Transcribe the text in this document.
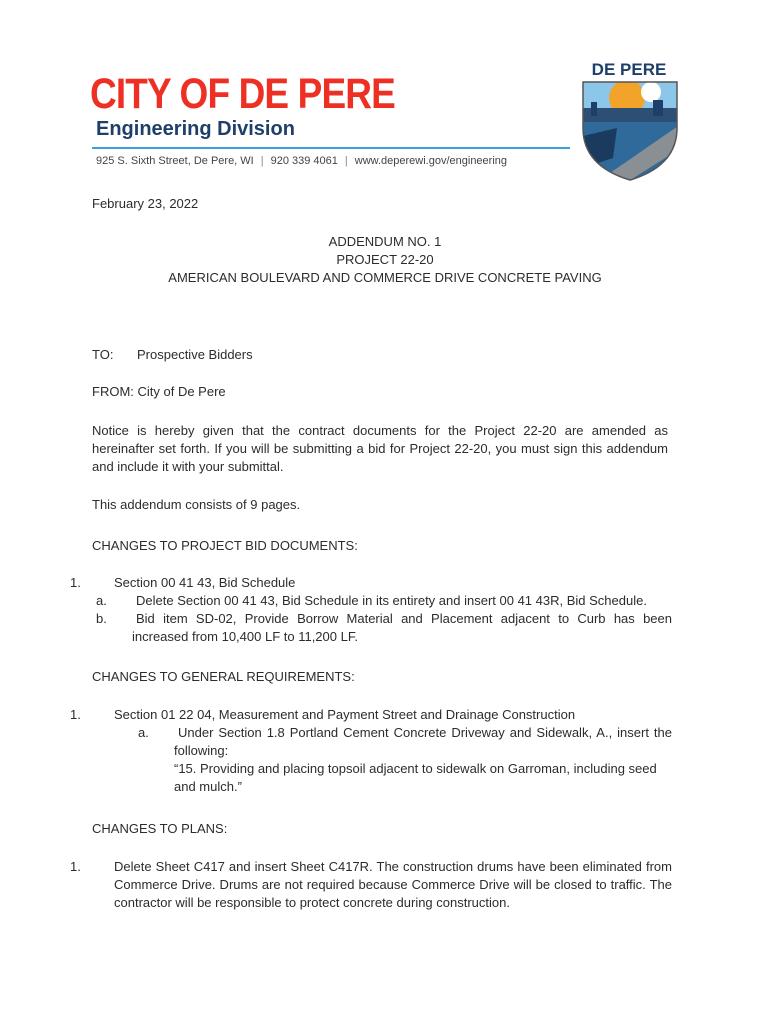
CITY OF DE PERE
Engineering Division
925 S. Sixth Street, De Pere, WI | 920 339 4061 | www.deperewi.gov/engineering
DE PERE
February 23, 2022
ADDENDUM NO. 1
PROJECT 22-20
AMERICAN BOULEVARD AND COMMERCE DRIVE CONCRETE PAVING
TO: Prospective Bidders
FROM: City of De Pere
Notice is hereby given that the contract documents for the Project 22-20 are amended as hereinafter set forth. If you will be submitting a bid for Project 22-20, you must sign this addendum and include it with your submittal.
This addendum consists of 9 pages.
CHANGES TO PROJECT BID DOCUMENTS:
1.	Section 00 41 43, Bid Schedule
a. Delete Section 00 41 43, Bid Schedule in its entirety and insert 00 41 43R, Bid Schedule.
b. Bid item SD-02, Provide Borrow Material and Placement adjacent to Curb has been increased from 10,400 LF to 11,200 LF.
CHANGES TO GENERAL REQUIREMENTS:
1.	Section 01 22 04, Measurement and Payment Street and Drainage Construction
a. Under Section 1.8 Portland Cement Concrete Driveway and Sidewalk, A., insert the following:
“15. Providing and placing topsoil adjacent to sidewalk on Garroman, including seed and mulch.”
CHANGES TO PLANS:
1.	Delete Sheet C417 and insert Sheet C417R. The construction drums have been eliminated from Commerce Drive. Drums are not required because Commerce Drive will be closed to traffic. The contractor will be responsible to protect concrete during construction.
